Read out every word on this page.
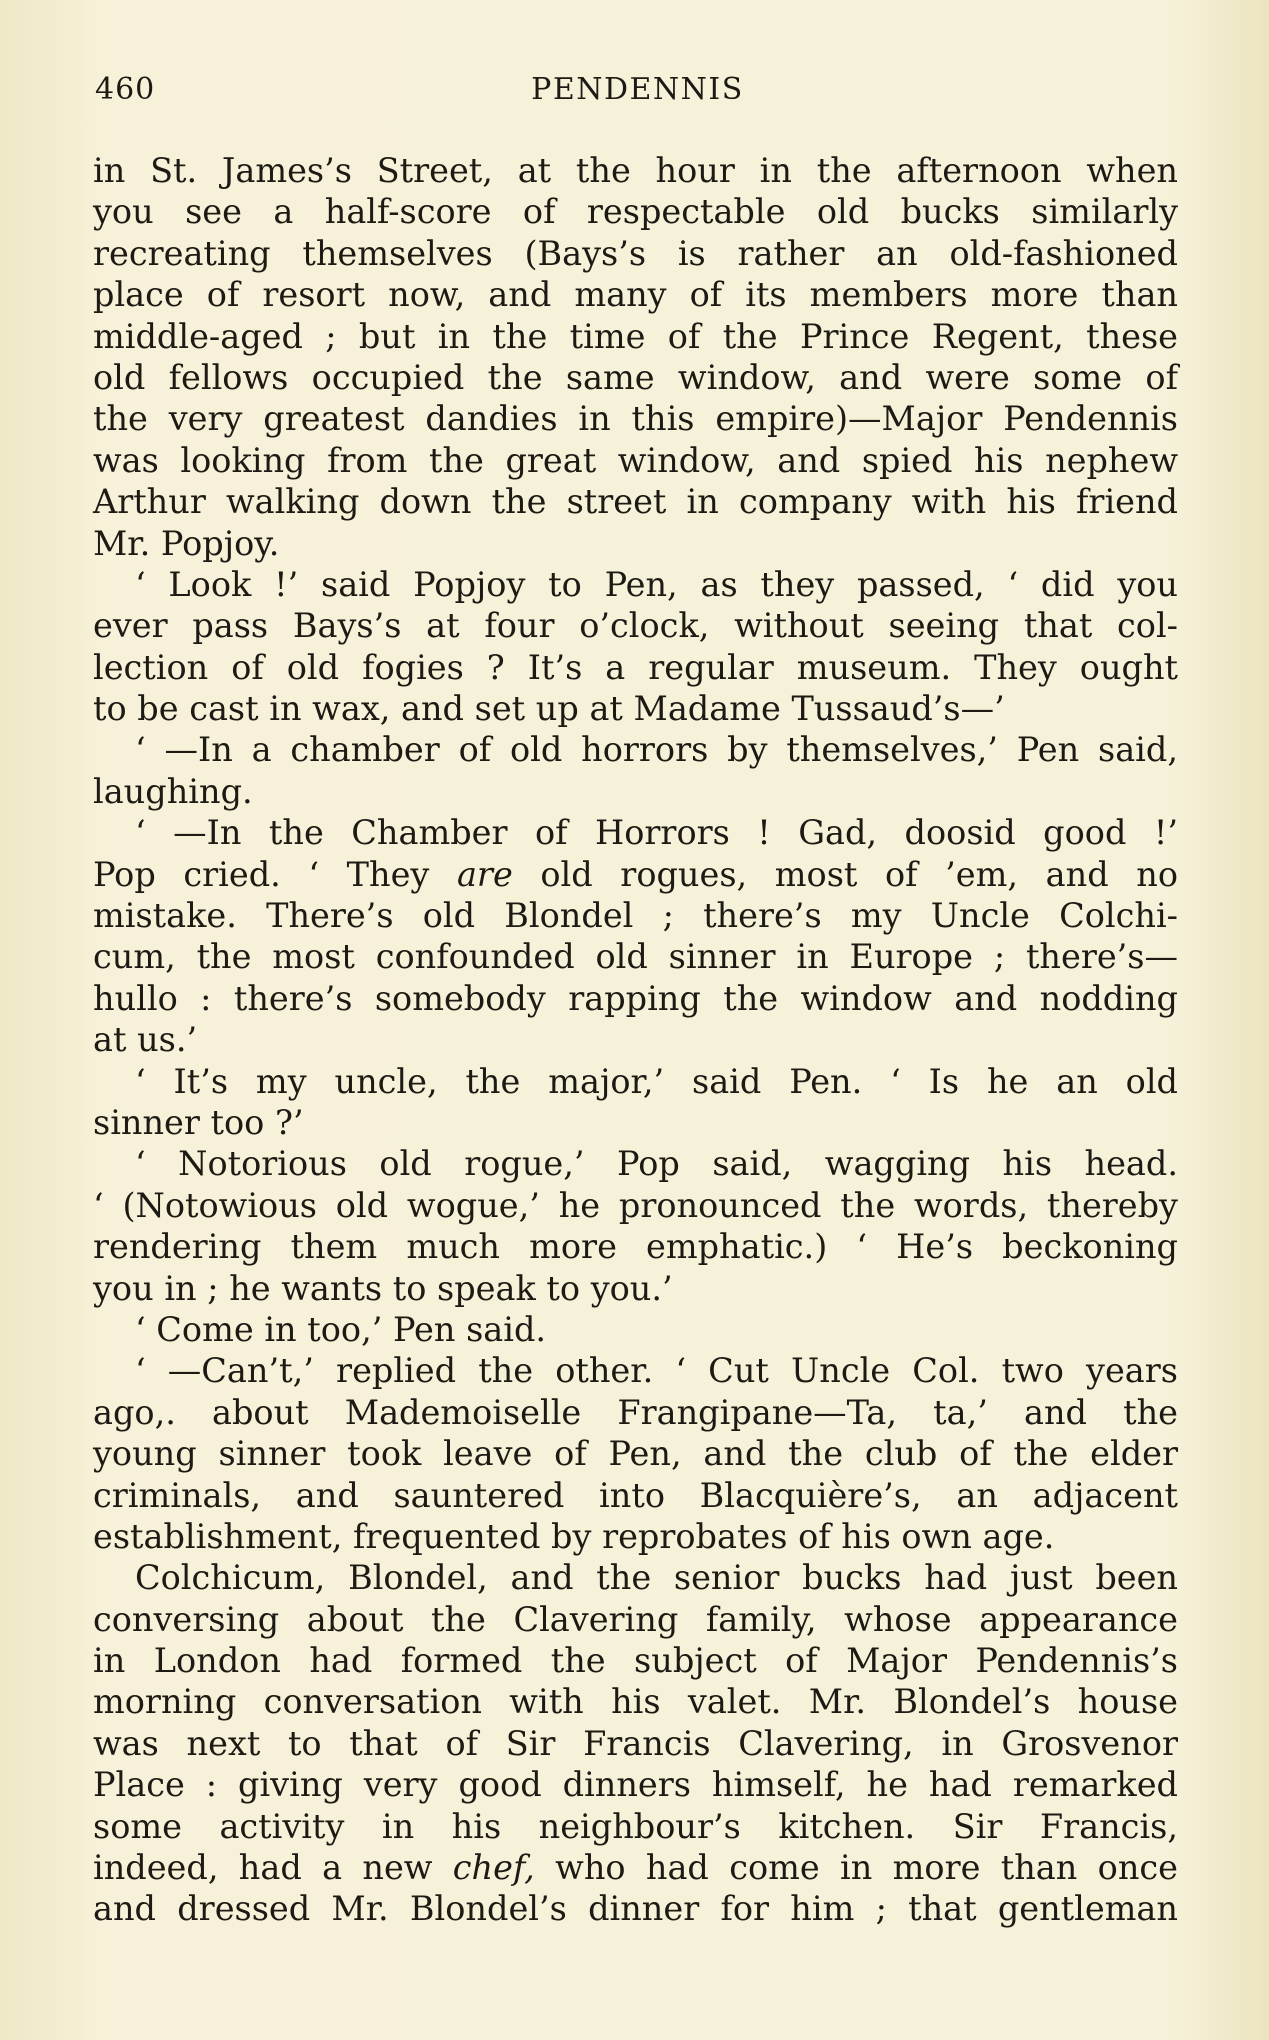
460	PENDENNIS
in St. James’s Street, at the hour in the afternoon when
you see a half-score of respectable old bucks similarly
recreating themselves (Bays’s is rather an old-fashioned
place of resort now, and many of its members more than
middle-aged ; but in the time of the Prince Regent, these
old fellows occupied the same window, and were some of
the very greatest dandies in this empire)—Major Pendennis
was looking from the great window, and spied his nephew
Arthur walking down the street in company with his friend
Mr. Popjoy.
‘ Look !’ said Popjoy to Pen, as they passed, ‘ did you
ever pass Bays’s at four o’clock, without seeing that col-
lection of old fogies ? It’s a regular museum. They ought
to be cast in wax, and set up at Madame Tussaud’s—’
‘ —In a chamber of old horrors by themselves,’ Pen said,
laughing.
‘ —In the Chamber of Horrors ! Gad, doosid good !’
Pop cried. ‘ They are old rogues, most of ’em, and no
mistake. There’s old Blondel ; there’s my Uncle Colchi-
cum, the most confounded old sinner in Europe ; there’s—
hullo : there’s somebody rapping the window and nodding
at us.’
‘ It’s my uncle, the major,’ said Pen. ‘ Is he an old
sinner too ?’
‘ Notorious old rogue,’ Pop said, wagging his head.
‘ (Notowious old wogue,’ he pronounced the words, thereby
rendering them much more emphatic.) ‘ He’s beckoning
you in ; he wants to speak to you.’
‘ Come in too,’ Pen said.
‘ —Can’t,’ replied the other. ‘ Cut Uncle Col. two years
ago,. about Mademoiselle Frangipane—Ta, ta,’ and the
young sinner took leave of Pen, and the club of the elder
criminals, and sauntered into Blacquière’s, an adjacent
establishment, frequented by reprobates of his own age.
Colchicum, Blondel, and the senior bucks had just been
conversing about the Clavering family, whose appearance
in London had formed the subject of Major Pendennis’s
morning conversation with his valet. Mr. Blondel’s house
was next to that of Sir Francis Clavering, in Grosvenor
Place : giving very good dinners himself, he had remarked
some activity in his neighbour’s kitchen. Sir Francis,
indeed, had a new chef, who had come in more than once
and dressed Mr. Blondel’s dinner for him ; that gentleman
